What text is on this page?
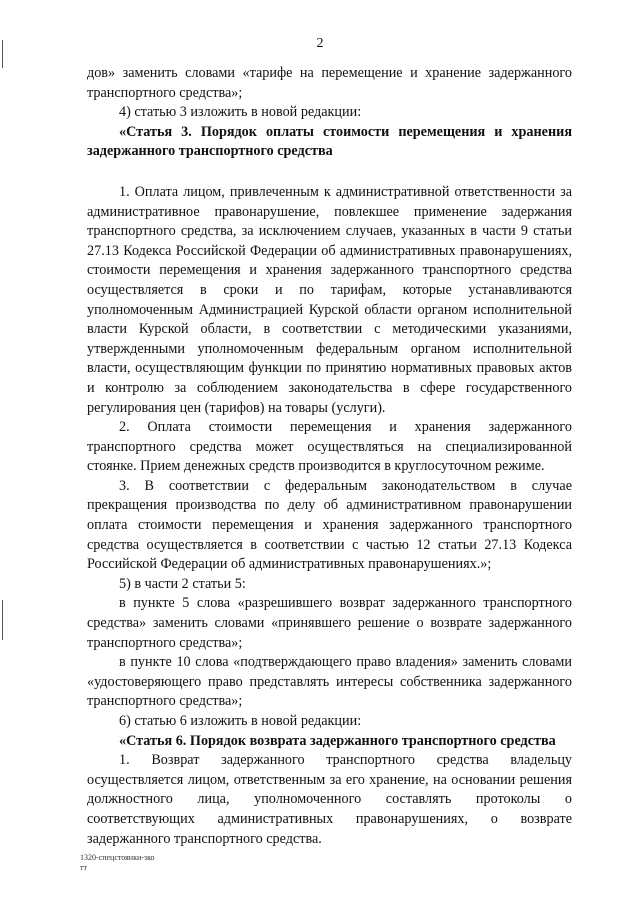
2

дов» заменить словами «тарифе на перемещение и хранение задержанного транспортного средства»;

4) статью 3 изложить в новой редакции:

«Статья 3. Порядок оплаты стоимости перемещения и хранения задержанного транспортного средства

1. Оплата лицом, привлеченным к административной ответственности за административное правонарушение, повлекшее применение задержания транспортного средства, за исключением случаев, указанных в части 9 статьи 27.13 Кодекса Российской Федерации об административных правонарушениях, стоимости перемещения и хранения задержанного транспортного средства осуществляется в сроки и по тарифам, которые устанавливаются уполномоченным Администрацией Курской области органом исполнительной власти Курской области, в соответствии с методическими указаниями, утвержденными уполномоченным федеральным органом исполнительной власти, осуществляющим функции по принятию нормативных правовых актов и контролю за соблюдением законодательства в сфере государственного регулирования цен (тарифов) на товары (услуги).

2. Оплата стоимости перемещения и хранения задержанного транспортного средства может осуществляться на специализированной стоянке. Прием денежных средств производится в круглосуточном режиме.

3. В соответствии с федеральным законодательством в случае прекращения производства по делу об административном правонарушении оплата стоимости перемещения и хранения задержанного транспортного средства осуществляется в соответствии с частью 12 статьи 27.13 Кодекса Российской Федерации об административных правонарушениях.»;

5) в части 2 статьи 5:

в пункте 5 слова «разрешившего возврат задержанного транспортного средства» заменить словами «принявшего решение о возврате задержанного транспортного средства»;

в пункте 10 слова «подтверждающего право владения» заменить словами «удостоверяющего право представлять интересы собственника задержанного транспортного средства»;

6) статью 6 изложить в новой редакции:

«Статья 6. Порядок возврата задержанного транспортного средства

1. Возврат задержанного транспортного средства владельцу осуществляется лицом, ответственным за его хранение, на основании решения должностного лица, уполномоченного составлять протоколы о соответствующих административных правонарушениях, о возврате задержанного транспортного средства.

1320-спецстоянки-зко
тт
